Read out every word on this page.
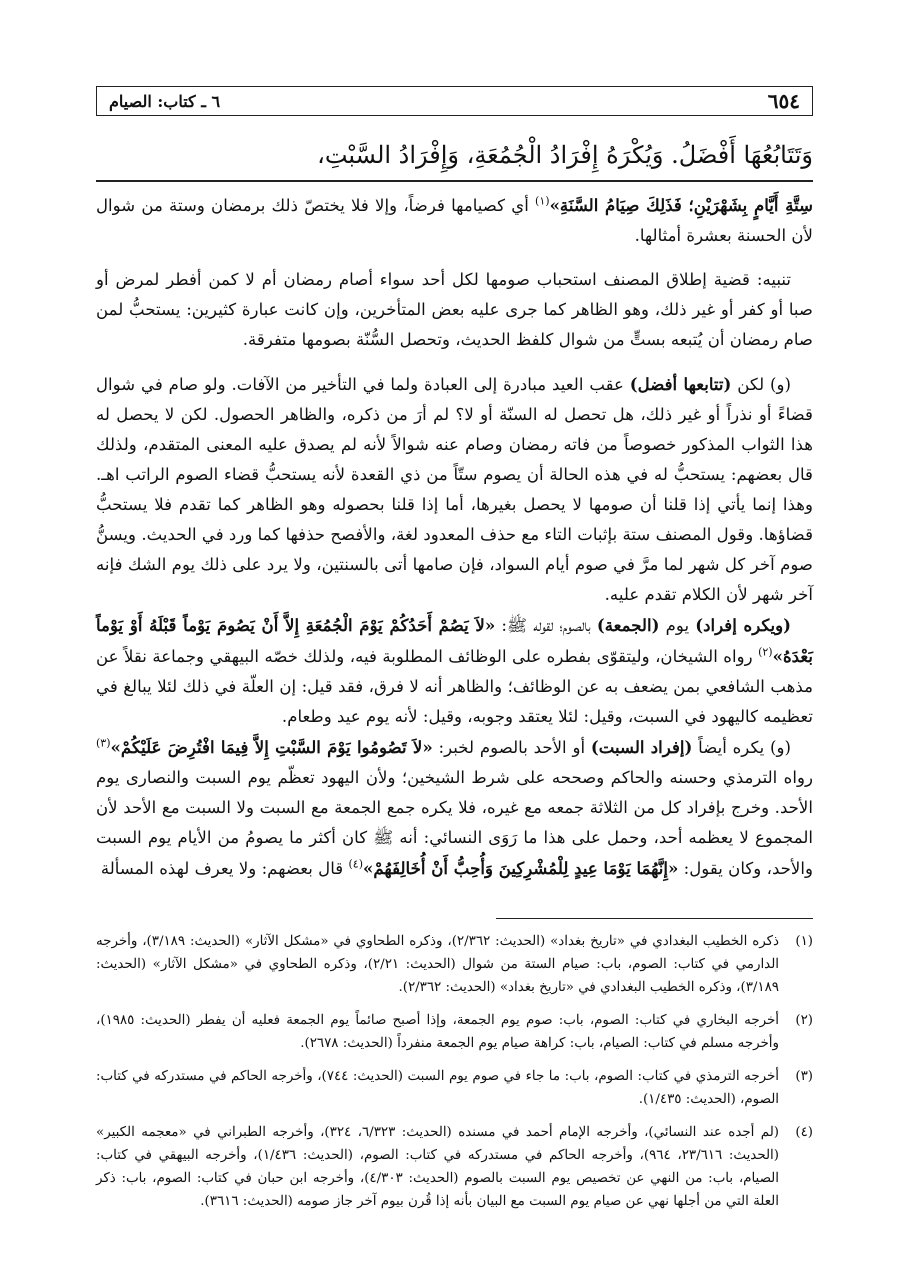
٦٥٤
٦ ـ كتاب: الصيام
وَتَتَابُعُهَا أَفْضَلُ. وَيُكْرَهُ إِفْرَادُ الْجُمُعَةِ، وَإِفْرَادُ السَّبْتِ،

سِتَّةِ أَيَّامٍ بِشَهْرَيْنِ؛ فَذَلِكَ صِيَامُ السَّنَةِ»$^{(١)}$ أي كصيامها فرضاً، وإلا فلا يختصّ ذلك برمضان وستة من شوال لأن الحسنة بعشرة أمثالها.

تنبيه: قضية إطلاق المصنف استحباب صومها لكل أحد سواء أصام رمضان أم لا كمن أفطر لمرض أو صبا أو كفر أو غير ذلك، وهو الظاهر كما جرى عليه بعض المتأخرين، وإن كانت عبارة كثيرين: يستحبُّ لمن صام رمضان أن يُتبعه بستٍّ من شوال كلفظ الحديث، وتحصل السُّنّة بصومها متفرقة.

(و) لكن (تتابعها أفضل) عقب العيد مبادرة إلى العبادة ولما في التأخير من الآفات. ولو صام في شوال قضاءً أو نذراً أو غير ذلك، هل تحصل له السنّة أو لا؟ لم أرَ من ذكره، والظاهر الحصول. لكن لا يحصل له هذا الثواب المذكور خصوصاً من فاته رمضان وصام عنه شوالاً لأنه لم يصدق عليه المعنى المتقدم، ولذلك قال بعضهم: يستحبُّ له في هذه الحالة أن يصوم ستّاً من ذي القعدة لأنه يستحبُّ قضاء الصوم الراتب اهـ. وهذا إنما يأتي إذا قلنا أن صومها لا يحصل بغيرها، أما إذا قلنا بحصوله وهو الظاهر كما تقدم فلا يستحبُّ قضاؤها. وقول المصنف ستة بإثبات التاء مع حذف المعدود لغة، والأفصح حذفها كما ورد في الحديث. ويسنُّ صوم آخر كل شهر لما مرَّ في صوم أيام السواد، فإن صامها أتى بالسنتين، ولا يرد على ذلك يوم الشك فإنه آخر شهر لأن الكلام تقدم عليه.

(ويكره إفراد) يوم (الجمعة) بالصوم؛ لقوله ﷺ: «لاَ يَصُمْ أَحَدُكُمْ يَوْمَ الْجُمُعَةِ إِلاَّ أَنْ يَصُومَ يَوْماً قَبْلَهُ أَوْ يَوْماً بَعْدَهُ»$^{(٢)}$ رواه الشيخان، وليتقوّى بفطره على الوظائف المطلوبة فيه، ولذلك خصّه البيهقي وجماعة نقلاً عن مذهب الشافعي بمن يضعف به عن الوظائف؛ والظاهر أنه لا فرق، فقد قيل: إن العلّة في ذلك لئلا يبالغ في تعظيمه كاليهود في السبت، وقيل: لئلا يعتقد وجوبه، وقيل: لأنه يوم عيد وطعام.

(و) يكره أيضاً (إفراد السبت) أو الأحد بالصوم لخبر: «لاَ تَصُومُوا يَوْمَ السَّبْتِ إِلاَّ فِيمَا افْتُرِضَ عَلَيْكُمْ»$^{(٣)}$ رواه الترمذي وحسنه والحاكم وصححه على شرط الشيخين؛ ولأن اليهود تعظّم يوم السبت والنصارى يوم الأحد. وخرج بإفراد كل من الثلاثة جمعه مع غيره، فلا يكره جمع الجمعة مع السبت ولا السبت مع الأحد لأن المجموع لا يعظمه أحد، وحمل على هذا ما رَوَى النسائي: أنه ﷺ كان أكثر ما يصومُ من الأيام يوم السبت والأحد، وكان يقول: «إِنَّهُمَا يَوْمَا عِيدٍ لِلْمُشْرِكِينَ وَأُحِبُّ أَنْ أُخَالِفَهُمْ»$^{(٤)}$ قال بعضهم: ولا يعرف لهذه المسألة

(١)
ذكره الخطيب البغدادي في «تاريخ بغداد» (الحديث: ٢/٣٦٢)، وذكره الطحاوي في «مشكل الآثار» (الحديث: ٣/١٨٩)، وأخرجه الدارمي في كتاب: الصوم، باب: صيام الستة من شوال (الحديث: ٢/٢١)، وذكره الطحاوي في «مشكل الآثار» (الحديث: ٣/١٨٩)، وذكره الخطيب البغدادي في «تاريخ بغداد» (الحديث: ٢/٣٦٢).
(٢)
أخرجه البخاري في كتاب: الصوم، باب: صوم يوم الجمعة، وإذا أصبح صائماً يوم الجمعة فعليه أن يفطر (الحديث: ١٩٨٥)، وأخرجه مسلم في كتاب: الصيام، باب: كراهة صيام يوم الجمعة منفرداً (الحديث: ٢٦٧٨).
(٣)
أخرجه الترمذي في كتاب: الصوم، باب: ما جاء في صوم يوم السبت (الحديث: ٧٤٤)، وأخرجه الحاكم في مستدركه في كتاب: الصوم، (الحديث: ١/٤٣٥).
(٤)
(لم أجده عند النسائي)، وأخرجه الإمام أحمد في مسنده (الحديث: ٦/٣٢٣، ٣٢٤)، وأخرجه الطبراني في «معجمه الكبير» (الحديث: ٢٣/٦١٦، ٩٦٤)، وأخرجه الحاكم في مستدركه في كتاب: الصوم، (الحديث: ١/٤٣٦)، وأخرجه البيهقي في كتاب: الصيام، باب: من النهي عن تخصيص يوم السبت بالصوم (الحديث: ٤/٣٠٣)، وأخرجه ابن حبان في كتاب: الصوم، باب: ذكر العلة التي من أجلها نهي عن صيام يوم السبت مع البيان بأنه إذا قُرن بيوم آخر جاز صومه (الحديث: ٣٦١٦).
